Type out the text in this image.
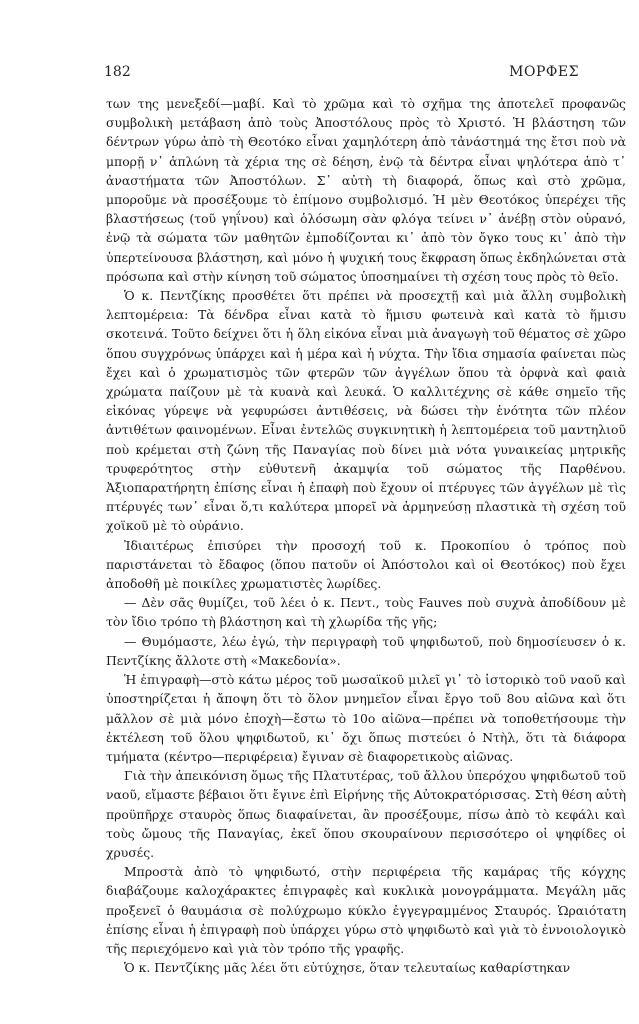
182	ΜΟΡΦΕΣ

των της μενεξεδί—μαβί. Καὶ τὸ χρῶμα καὶ τὸ σχῆμα της ἀποτελεῖ προφανῶς συμβολικὴ μετάβαση ἀπὸ τοὺς Ἀποστόλους πρὸς τὸ Χριστό. Ἡ βλάστηση τῶν δέντρων γύρω ἀπὸ τὴ Θεοτόκο εἶναι χαμηλότερη ἀπὸ τἀνάστημά της ἔτσι ποὺ νὰ μπορῇ ν᾿ ἁπλώνη τὰ χέρια της σὲ δέηση, ἐνῷ τὰ δέντρα εἶναι ψηλότερα ἀπὸ τ᾿ ἀναστήματα τῶν Ἀποστόλων. Σ᾿ αὐτὴ τὴ διαφορά, ὅπως καὶ στὸ χρῶμα, μποροῦμε νὰ προσέξουμε τὸ ἐπίμονο συμβολισμό. Ἡ μὲν Θεοτόκος ὑπερέχει τῆς βλαστήσεως (τοῦ γηΐνου) καὶ ὁλόσωμη σὰν φλόγα τείνει ν᾿ ἀνέβῃ στὸν οὐρανό, ἐνῷ τὰ σώματα τῶν μαθητῶν ἐμποδίζονται κι᾿ ἀπὸ τὸν ὄγκο τους κι᾿ ἀπὸ τὴν ὑπερτείνουσα βλάστηση, καὶ μόνο ἡ ψυχική τους ἔκφραση ὅπως ἐκδηλώνεται στὰ πρόσωπα καὶ στὴν κίνηση τοῦ σώματος ὑποσημαίνει τὴ σχέση τους πρὸς τὸ θεῖο.

Ὁ κ. Πεντζίκης προσθέτει ὅτι πρέπει νὰ προσεχτῇ καὶ μιὰ ἄλλη συμβολικὴ λεπτομέρεια: Τὰ δένδρα εἶναι κατὰ τὸ ἥμισυ φωτεινὰ καὶ κατὰ τὸ ἥμισυ σκοτεινά. Τοῦτο δείχνει ὅτι ἡ ὅλη εἰκόνα εἶναι μιὰ ἀναγωγὴ τοῦ θέματος σὲ χῶρο ὅπου συγχρόνως ὑπάρχει καὶ ἡ μέρα καὶ ἡ νύχτα. Τὴν ἴδια σημασία φαίνεται πὼς ἔχει καὶ ὁ χρωματισμὸς τῶν φτερῶν τῶν ἀγγέλων ὅπου τὰ ὀρφνὰ καὶ φαιὰ χρώματα παίζουν μὲ τὰ κυανὰ καὶ λευκά. Ὁ καλλιτέχνης σὲ κάθε σημεῖο τῆς εἰκόνας γύρεψε νὰ γεφυρώσει ἀντιθέσεις, νὰ δώσει τὴν ἑνότητα τῶν πλέον ἀντιθέτων φαινομένων. Εἶναι ἐντελῶς συγκινητικὴ ἡ λεπτομέρεια τοῦ μαντηλιοῦ ποὺ κρέμεται στὴ ζώνη τῆς Παναγίας ποὺ δίνει μιὰ νότα γυναικείας μητρικῆς τρυφερότητος στὴν εὐθυτενῆ ἀκαμψία τοῦ σώματος τῆς Παρθένου. Ἀξιοπαρατήρητη ἐπίσης εἶναι ἡ ἐπαφὴ ποὺ ἔχουν οἱ πτέρυγες τῶν ἀγγέλων μὲ τὶς πτέρυγές των᾿ εἶναι ὅ,τι καλύτερα μπορεῖ νὰ ἀρμηνεύσῃ πλαστικὰ τὴ σχέση τοῦ χοϊκοῦ μὲ τὸ οὐράνιο.

Ἰδιαιτέρως ἐπισύρει τὴν προσοχή τοῦ κ. Προκοπίου ὁ τρόπος ποὺ παριστάνεται τὸ ἔδαφος (ὅπου πατοῦν οἱ Ἀπόστολοι καὶ οἱ Θεοτόκος) ποὺ ἔχει ἀποδοθῆ μὲ ποικίλες χρωματιστὲς λωρίδες.

— Δὲν σᾶς θυμίζει, τοῦ λέει ὁ κ. Πεντ., τοὺς Fauves ποὺ συχνὰ ἀποδίδουν μὲ τὸν ἴδιο τρόπο τὴ βλάστηση καὶ τὴ χλωρίδα τῆς γῆς;

— Θυμόμαστε, λέω ἐγώ, τὴν περιγραφὴ τοῦ ψηφιδωτοῦ, ποὺ δημοσίευσεν ὁ κ. Πεντζίκης ἄλλοτε στὴ «Μακεδονία».

Ἡ ἐπιγραφὴ—στὸ κάτω μέρος τοῦ μωσαϊκοῦ μιλεῖ γι᾿ τὸ ἱστορικὸ τοῦ ναοῦ καὶ ὑποστηρίζεται ἡ ἄποψη ὅτι τὸ ὅλον μνημεῖον εἶναι ἔργο τοῦ 8ου αἰῶνα καὶ ὅτι μᾶλλον σὲ μιὰ μόνο ἐποχὴ—ἔστω τὸ 10ο αἰῶνα—πρέπει νὰ τοποθετήσουμε τὴν ἐκτέλεση τοῦ ὅλου ψηφιδωτοῦ, κι᾿ ὄχι ὅπως πιστεύει ὁ Ντὴλ, ὅτι τὰ διάφορα τμήματα (κέντρο—περιφέρεια) ἔγιναν σὲ διαφορετικοὺς αἰῶνας.

Γιὰ τὴν ἀπεικόνιση ὅμως τῆς Πλατυτέρας, τοῦ ἄλλου ὑπερόχου ψηφιδωτοῦ τοῦ ναοῦ, εἴμαστε βέβαιοι ὅτι ἔγινε ἐπὶ Εἰρήνης τῆς Αὐτοκρατόρισσας. Στὴ θέση αὐτὴ προϋπῆρχε σταυρὸς ὅπως διαφαίνεται, ἂν προσέξουμε, πίσω ἀπὸ τὸ κεφάλι καὶ τοὺς ὤμους τῆς Παναγίας, ἐκεῖ ὅπου σκουραίνουν περισσότερο οἱ ψηφίδες οἱ χρυσές.

Μπροστὰ ἀπὸ τὸ ψηφιδωτό, στὴν περιφέρεια τῆς καμάρας τῆς κόγχης διαβάζουμε καλοχάρακτες ἐπιγραφὲς καὶ κυκλικὰ μονογράμματα. Μεγάλη μᾶς προξενεῖ ὁ θαυμάσια σὲ πολύχρωμο κύκλο ἐγγεγραμμένος Σταυρός. Ὡραιότατη ἐπίσης εἶναι ἡ ἐπιγραφὴ ποὺ ὑπάρχει γύρω στὸ ψηφιδωτὸ καὶ γιὰ τὸ ἐννοιολογικὸ τῆς περιεχόμενο καὶ γιὰ τὸν τρόπο τῆς γραφῆς.

Ὁ κ. Πεντζίκης μᾶς λέει ὅτι εὐτύχησε, ὅταν τελευταίως καθαρίστηκαν
